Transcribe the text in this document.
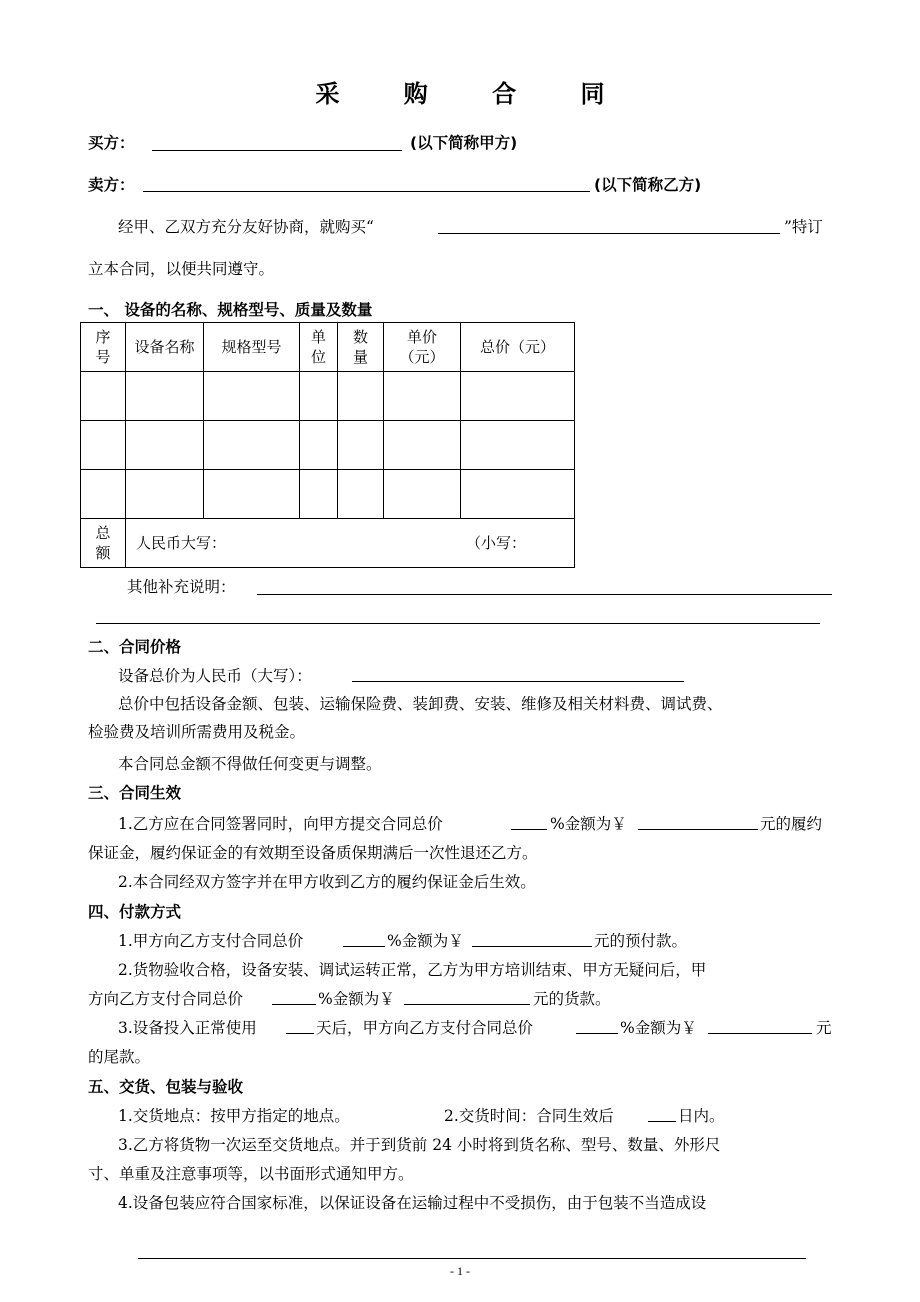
采 购 合 同
买方：	(以下简称甲方)
卖方：	(以下简称乙方)
经甲、乙双方充分友好协商，就购买“	”特订
立本合同，以便共同遵守。
一、 设备的名称、规格型号、质量及数量
序号	设备名称	规格型号	单位	数量	单价（元）	总价（元）

总额	人民币大写： （小写：					
其他补充说明：
二、合同价格
设备总价为人民币（大写）：
总价中包括设备金额、包装、运输保险费、装卸费、安装、维修及相关材料费、调试费、
检验费及培训所需费用及税金。
本合同总金额不得做任何变更与调整。
三、合同生效
1.乙方应在合同签署同时，向甲方提交合同总价	%金额为￥	元的履约
保证金，履约保证金的有效期至设备质保期满后一次性退还乙方。
2.本合同经双方签字并在甲方收到乙方的履约保证金后生效。
四、付款方式
1.甲方向乙方支付合同总价	%金额为￥	元的预付款。
2.货物验收合格，设备安装、调试运转正常，乙方为甲方培训结束、甲方无疑问后，甲
方向乙方支付合同总价	%金额为￥	元的货款。
3.设备投入正常使用	天后，甲方向乙方支付合同总价	%金额为￥	元
的尾款。
五、交货、包装与验收
1.交货地点：按甲方指定的地点。	2.交货时间：合同生效后	日内。
3.乙方将货物一次运至交货地点。并于到货前 24 小时将到货名称、型号、数量、外形尺
寸、单重及注意事项等，以书面形式通知甲方。
4.设备包装应符合国家标准，以保证设备在运输过程中不受损伤，由于包装不当造成设
- 1 -
